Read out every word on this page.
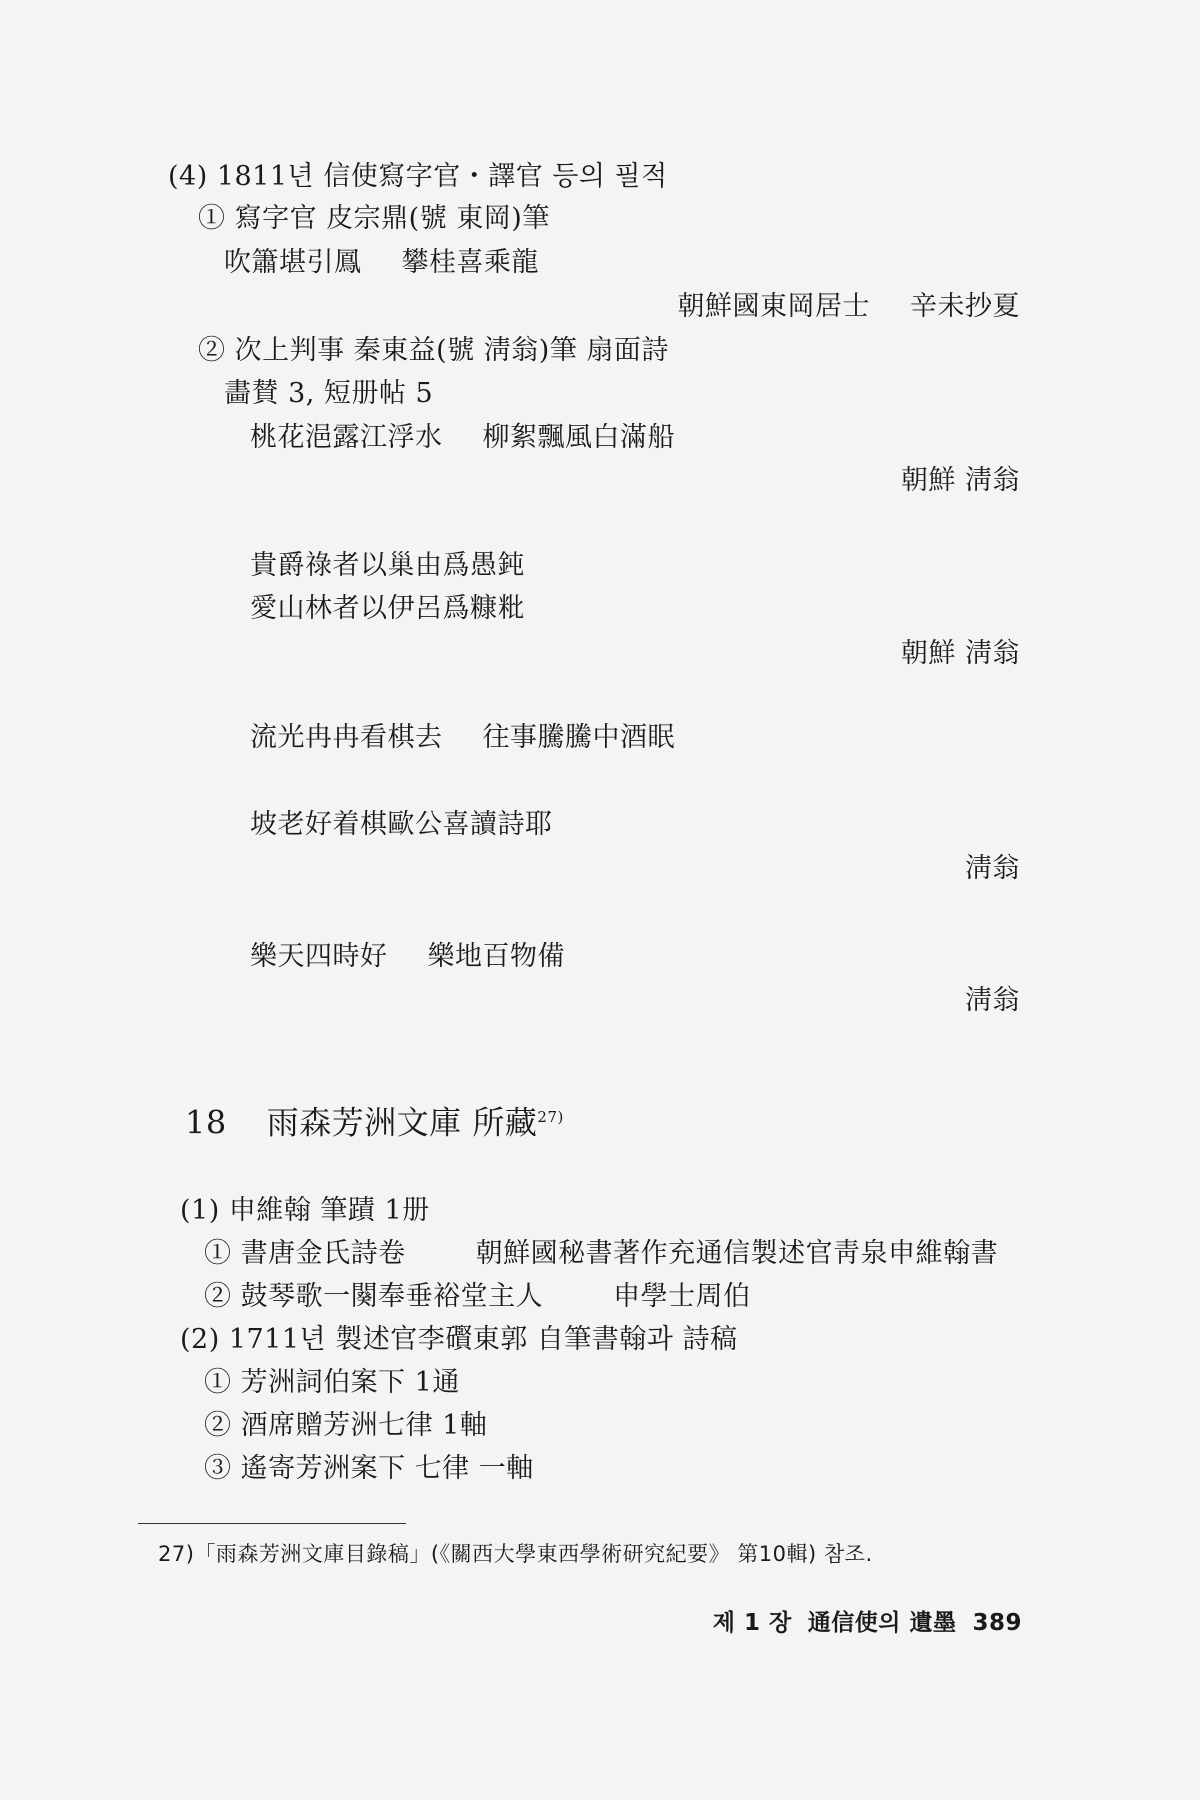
(4) 1811년 信使寫字官・譯官 등의 필적
① 寫字官 皮宗鼎(號 東岡)筆
吹簫堪引鳳 攀桂喜乘龍
朝鮮國東岡居士 辛未抄夏
② 次上判事 秦東益(號 淸翁)筆 扇面詩
畵賛 3, 短册帖 5
桃花浥露江浮水 柳絮飄風白滿船
朝鮮 淸翁
貴爵祿者以巢由爲愚鈍
愛山林者以伊呂爲糠粃
朝鮮 淸翁
流光冉冉看棋去 往事騰騰中酒眠
坡老好着棋歐公喜讀詩耶
淸翁
樂天四時好 樂地百物備
淸翁
18 雨森芳洲文庫 所藏$^{27)}$
(1) 申維翰 筆蹟 1册
① 書唐金氏詩卷	朝鮮國秘書著作充通信製述官靑泉申維翰書
② 鼓琴歌一闋奉垂裕堂主人	申學士周伯
(2) 1711년 製述官李礥東郭 自筆書翰과 詩稿
① 芳洲詞伯案下 1通
② 酒席贈芳洲七律 1軸
③ 遙寄芳洲案下 七律 一軸
27)「雨森芳洲文庫目錄稿」(《關西大學東西學術研究紀要》 第10輯) 참조.
제 1 장 通信使의 遺墨 389
